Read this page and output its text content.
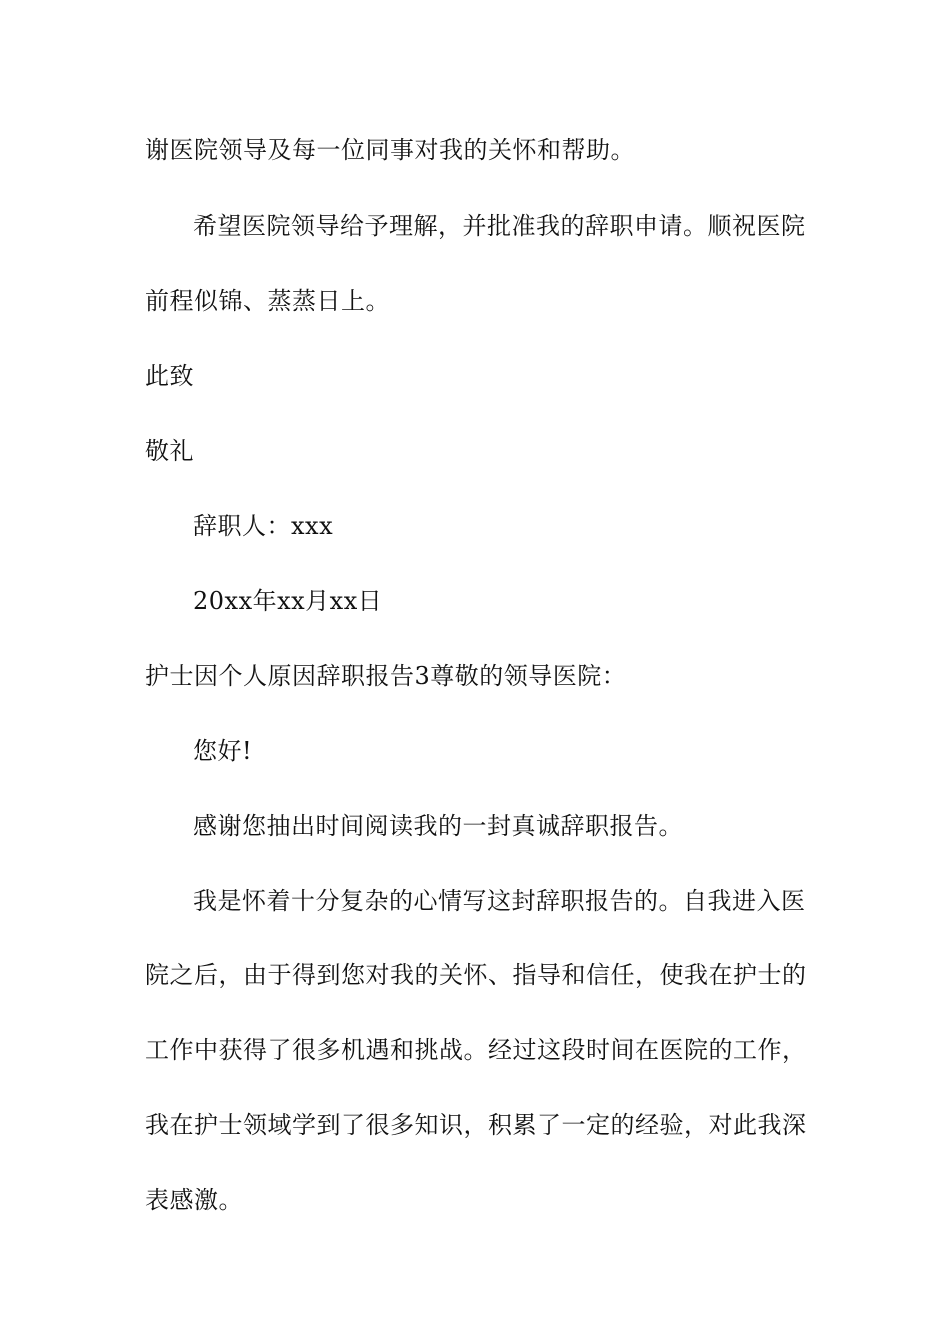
谢医院领导及每一位同事对我的关怀和帮助。
希望医院领导给予理解，并批准我的辞职申请。顺祝医院
前程似锦、蒸蒸日上。
此致
敬礼
辞职人：xxx
20xx年xx月xx日
护士因个人原因辞职报告3尊敬的领导医院：
您好!
感谢您抽出时间阅读我的一封真诚辞职报告。
我是怀着十分复杂的心情写这封辞职报告的。自我进入医
院之后，由于得到您对我的关怀、指导和信任，使我在护士的
工作中获得了很多机遇和挑战。经过这段时间在医院的工作，
我在护士领域学到了很多知识，积累了一定的经验，对此我深
表感激。
